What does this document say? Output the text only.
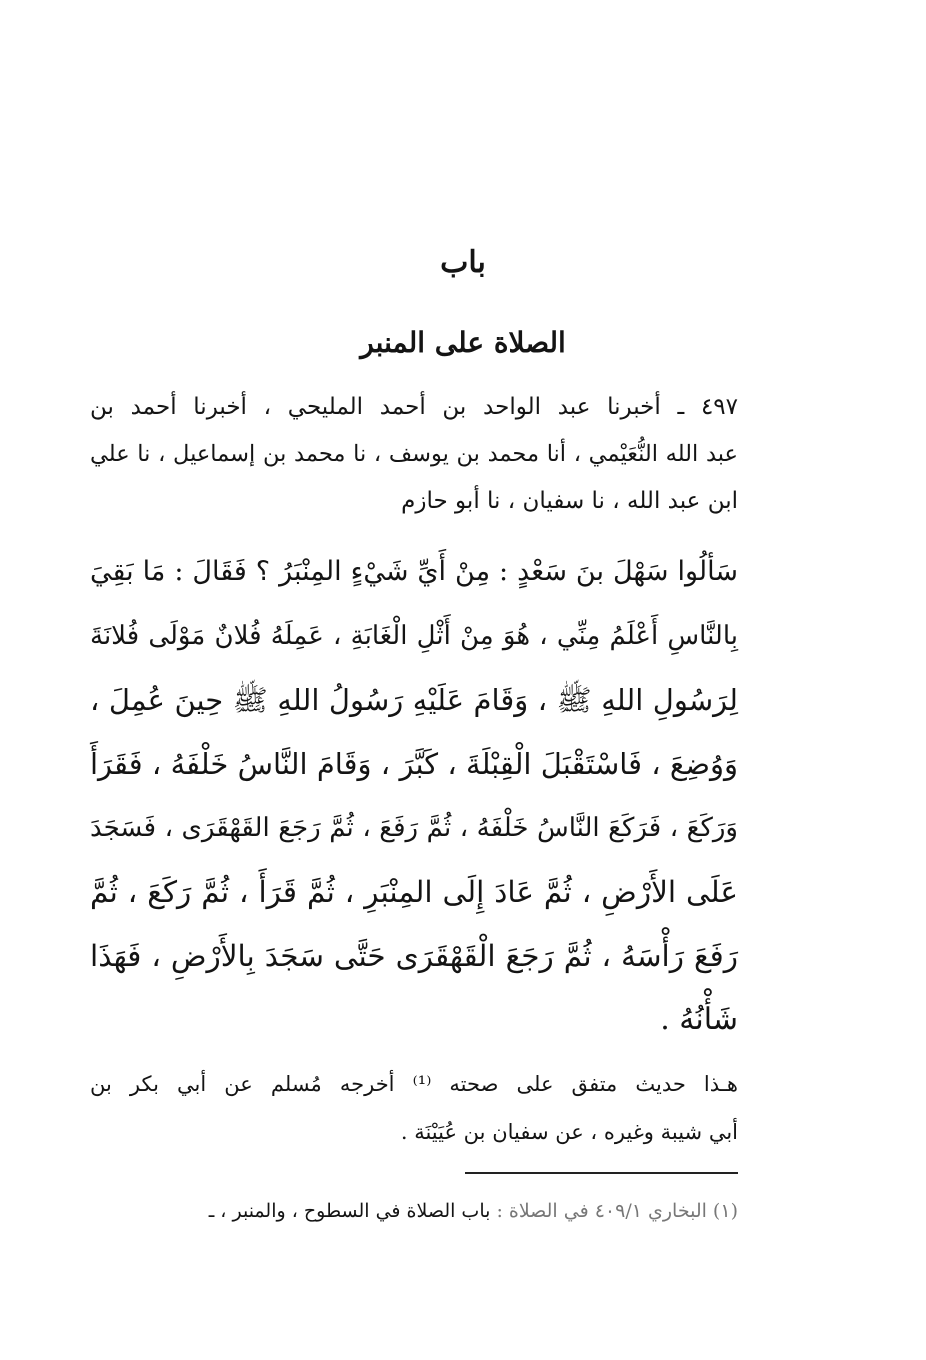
باب
الصلاة على المنبر
٤٩٧ ـ أخبرنا عبد الواحد بن أحمد المليحي ، أخبرنا أحمد بن
عبد الله النُّعَيْمي ، أنا محمد بن يوسف ، نا محمد بن إسماعيل ، نا علي
ابن عبد الله ، نا سفيان ، نا أبو حازم
سَألُوا سَهْلَ بنَ سَعْدٍ : مِنْ أَيِّ شَيْءٍ المِنْبَرُ ؟ فَقَالَ : مَا بَقِيَ
بِالنَّاسِ أَعْلَمُ مِنِّي ، هُوَ مِنْ أَثْلِ الْغَابَةِ ، عَمِلَهُ فُلانٌ مَوْلَى فُلانَةَ
لِرَسُولِ اللهِ ﷺ ، وَقَامَ عَلَيْهِ رَسُولُ اللهِ ﷺ حِينَ عُمِلَ ،
وَوُضِعَ ، فَاسْتَقْبَلَ الْقِبْلَةَ ، كَبَّرَ ، وَقَامَ النَّاسُ خَلْفَهُ ، فَقَرَأَ
وَرَكَعَ ، فَرَكَعَ النَّاسُ خَلْفَهُ ، ثُمَّ رَفَعَ ، ثُمَّ رَجَعَ القَهْقَرَى ، فَسَجَدَ
عَلَى الأَرْضِ ، ثُمَّ عَادَ إِلَى المِنْبَرِ ، ثُمَّ قَرَأَ ، ثُمَّ رَكَعَ ، ثُمَّ
رَفَعَ رَأْسَهُ ، ثُمَّ رَجَعَ الْقَهْقَرَى حَتَّى سَجَدَ بِالأَرْضِ ، فَهَذَا
شَأْنُهُ .
هـذا حديث متفق على صحته ⁽¹⁾ أخرجه مُسلم عن أبي بكر بن
أبي شيبة وغيره ، عن سفيان بن عُيَيْنَة .
(١) البخاري ٤٠٩/١ في الصلاة : باب الصلاة في السطوح ، والمنبر ، ـ
